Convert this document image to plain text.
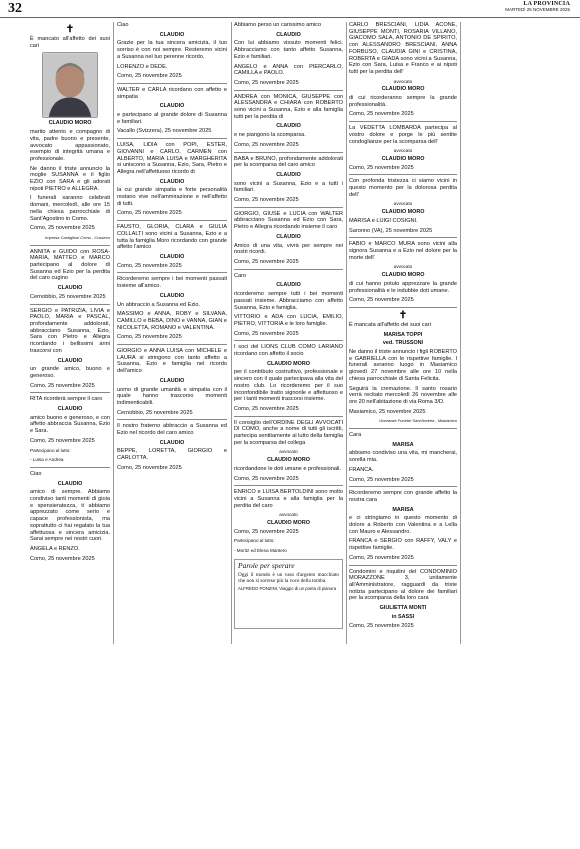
32	LA PROVINCIA
MARTEDÌ 25 NOVEMBRE 2025
✝

È mancato all'affetto dei suoi cari

CLAUDIO MORO

marito attento e compagno di vita, padre buono e presente, avvocato appassionato, esempio di integrità umana e professionale.

Ne danno il triste annuncio la moglie SUSANNA e il figlio EZIO con SARA e gli adorati nipoti PIETRO e ALLEGRA.

I funerali saranno celebrati domani, mercoledì, alle ore 15 nella chiesa parrocchiale di Sant'Agostino in Como.

Como, 25 novembre 2025

Impresa Castiglioni Como - Cosseco

ANNITA e GUIDO con ROSA-MARIA, MATTEO e MARCO partecipano al dolore di Susanna ed Ezio per la perdita del caro cugino

CLAUDIO

Cernobbio, 25 novembre 2025

SERGIO e PATRIZIA, LIVIA e PAOLO, MARIA e PASCAL, profondamente addolorati, abbracciano Susanna, Ezio, Sara con Pietro e Allegra ricordando i bellissimi anni trascorsi con

CLAUDIO

un grande amico, buono e generoso.

Como, 25 novembre 2025

RITA ricorderà sempre il caro

CLAUDIO

amico buono e generoso, e con affetto abbraccia Susanna, Ezio e Sara.

Como, 25 novembre 2025

Partecipano al lutto:

- Luisa e Andrea

Ciao

CLAUDIO

amico di sempre. Abbiamo condiviso tanti momenti di gioia e spensieratezza, ti abbiamo apprezzato come serio e capace professionista, ma soprattutto ci hai regalato la tua affettuosa e sincera amicizia. Sarai sempre nei nostri cuori.

ANGELA e RENZO.

Como, 25 novembre 2025

Ciao

CLAUDIO

Grazie per la tua sincera amicizia, il tuo sorriso è con noi sempre. Resteremo vicini a Susanna nel tuo perenne ricordo.

LORENZO e DEDE.

Como, 25 novembre 2025

WALTER e CARLA ricordano con affetto e simpatia

CLAUDIO

e partecipano al grande dolore di Susanna e familiari.

Vacallo (Svizzera), 25 novembre 2025

LUISA, LIDIA con POPI, ESTER, GIOVANNI e CARLO, CARMEN con ALBERTO, MARIA LUISA e MARGHERITA si uniscono a Susanna, Ezio, Sara, Pietro e Allegra nell'affettuoso ricordo di

CLAUDIO

la cui grande simpatia e forte personalità restano vive nell'ammirazione e nell'affetto di tutti.

Como, 25 novembre 2025

FAUSTO, GLORIA, CLARA e GIULIA COLLALTI sono vicini a Susanna, Ezio e a tutta la famiglia Moro ricordando con grande affetto l'amico

CLAUDIO

Como, 25 novembre 2025

Ricorderemo sempre i bei momenti passati insieme all'amico.

CLAUDIO

Un abbraccio a Susanna ed Ezio.

MASSIMO e ANNA, ROBY e SILVANA, CAMILLO e BEBA, DINO e VANNA, GIAN e NICOLETTA, ROMANO e VALENTINA.

Como, 25 novembre 2025

GIORGIO e ANNA LUISA con MICHELE e LAURA si stringono con tanto affetto a Susanna, Ezio e famiglia nel ricordo dell'amico

CLAUDIO

uomo di grande umanità e simpatia con il quale hanno trascorso momenti indimenticabili.

Cernobbio, 25 novembre 2025

Il nostro fraterno abbraccio a Susanna ed Ezio nel ricordo del caro amico

CLAUDIO

BEPPE, LORETTA, GIORGIO e CARLOTTA.

Como, 25 novembre 2025

Abbiamo perso un carissimo amico

CLAUDIO

Con lui abbiamo vissuto momenti felici. Abbracciamo con tanto affetto Susanna, Ezio e familiari.

ANGELO e ANNA con PIERCARLO, CAMILLA e PAOLO.

Como, 25 novembre 2025

ANDREA con MONICA, GIUSEPPE con ALESSANDRA e CHIARA con ROBERTO sono vicini a Susanna, Ezio e alla famiglia tutti per la perdita di

CLAUDIO

e ne piangono la scomparsa.

Como, 25 novembre 2025

BABA e BRUNO, profondamente addolorati per la scomparsa del caro amico

CLAUDIO

sono vicini a Susanna, Ezio e a tutti i familiari.

Como, 25 novembre 2025

GIORGIO, GIUSE e LUCIA con WALTER abbracciano Susanna ed Ezio con Sara, Pietro e Allegra ricordando insieme il caro

CLAUDIO

Amico di una vita, vivrà per sempre nei nostri ricordi.

Como, 25 novembre 2025

Caro

CLAUDIO

ricorderemo sempre tutti i bei momenti passati insieme. Abbracciamo con affetto Susanna, Ezio e famiglia.

VITTORIO e ADA con LUCIA, EMILIO, PIETRO, VITTORIA e le loro famiglie.

Como, 25 novembre 2025

I soci del LIONS CLUB COMO LARIANO ricordano con affetto il socio

CLAUDIO MORO

per il contributo costruttivo, professionale e sincero con il quale partecipava alla vita del nostro club. Lo ricorderemo per il suo inconfondibile tratto signorile e affettuoso e per i tanti momenti trascorsi insieme.

Como, 25 novembre 2025

Il consiglio dell'ORDINE DEGLI AVVOCATI DI COMO, anche a nome di tutti gli iscritti, partecipa sentitamente al lutto della famiglia per la scomparsa del collega

avvocato
CLAUDIO MORO

ricordandone le doti umane e professionali.

Como, 25 novembre 2025

ENRICO e LUISA BERTOLDINI sono molto vicini a Susanna e alla famiglia per la perdita del caro

avvocato
CLAUDIO MORO

Como, 25 novembre 2025

Partecipano al lutto:

- Moritz ed Elena Mantero

Parole per sperare
Oggi il mondo è un vaso d'argento macchiato che non si sorreso più la voce della tomba.
ALFREDO PONZINI, Viaggio di un poeta di pianura

CARLO BRESCIANI, LIDIA ACONE, GIUSEPPE MONTI, ROSARIA VILLANO, GIACOMO SALA, ANTONIO DE SPIRITO, con ALESSANDRO BRESCIANI, ANNA FORBUSO, CLAUDIA GINI e CRISTINA, ROBERTA e GIADA sono vicini a Susanna, Ezio con Sara, Luisa e Franco e ai nipoti tutti per la perdita dell'

avvocato
CLAUDIO MORO

di cui ricorderanno sempre la grande professionalità.

Como, 25 novembre 2025

La VEDETTA LOMBARDA partecipa al vostro dolore e porge le più sentite condoglianze per la scomparsa dell'

avvocato
CLAUDIO MORO

Como, 25 novembre 2025

Con profonda tristezza ci siamo vicini in questo momento per la dolorosa perdita dell'

avvocato
CLAUDIO MORO

MARISA e LUIGI COSIGNI.

Saronno (VA), 25 novembre 2025

FABIO e MARCO MURA sono vicini alla signora Susanna e a Ezio nel dolore per la morte dell'

avvocato
CLAUDIO MORO

di cui hanno potuto apprezzare la grande professionalità e le indubbie doti umane.

Como, 25 novembre 2025

✝

È mancata all'affetto dei suoi cari

MARISA TOPPI
ved. TRUSSONI

Ne danno il triste annuncio i figli ROBERTO e GABRIELLA con le rispettive famiglie. I funerali avranno luogo in Masiamico giovedì 27 novembre alle ore 10 nella chiesa parrocchiale di Santa Felicita.

Seguirà la cremazione. Il santo rosario verrà recitato mercoledì 26 novembre alle ore 20 nell'abitazione di via Roma 3/D.

Masiamico, 25 novembre 2025

Onoranze Funebri Sant'Andrea - Masiamico

Cara

MARISA

abbiamo condiviso una vita, mi mancherai, sorella mia.

FRANCA.

Como, 25 novembre 2025

Ricorderemo sempre con grande affetto la nostra cara

MARISA

e ci stringiamo in questo momento di dolore a Roberto con Valentina e a Lella con Mauro e Alessandro.

FRANCA e SERGIO con RAFFY, VALY e rispettive famiglie.

Como, 25 novembre 2025

Condomini e inquilini del CONDOMINIO MORAZZONE 3, unitamente all'Amministratore, ragguardi da triste notizia partecipano al dolore dei familiari per la scomparsa della loro cara

GIULIETTA MONTI
in SASSI

Como, 25 novembre 2025
